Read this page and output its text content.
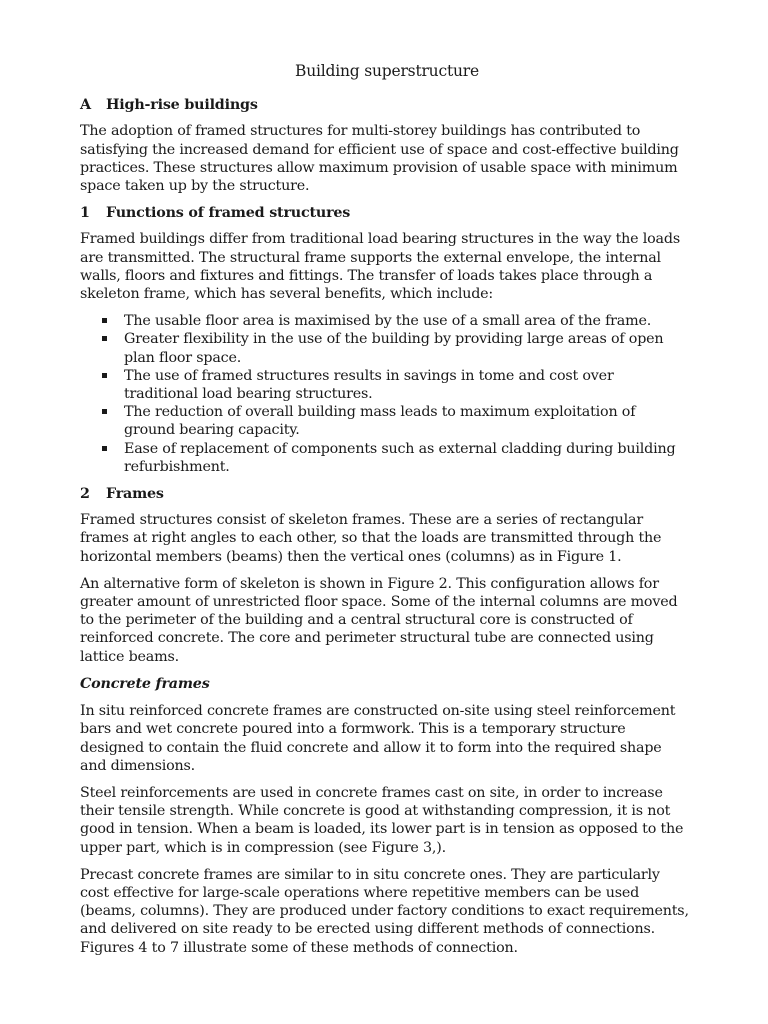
Building superstructure
A	High-rise buildings

The adoption of framed structures for multi-storey buildings has contributed to satisfying the increased demand for efficient use of space and cost-effective building practices. These structures allow maximum provision of usable space with minimum space taken up by the structure.

1	Functions of framed structures

Framed buildings differ from traditional load bearing structures in the way the loads are transmitted. The structural frame supports the external envelope, the internal walls, floors and fixtures and fittings. The transfer of loads takes place through a skeleton frame, which has several benefits, which include:

The usable floor area is maximised by the use of a small area of the frame.
Greater flexibility in the use of the building by providing large areas of open plan floor space.
The use of framed structures results in savings in tome and cost over traditional load bearing structures.
The reduction of overall building mass leads to maximum exploitation of ground bearing capacity.
Ease of replacement of components such as external cladding during building refurbishment.
2	Frames

Framed structures consist of skeleton frames. These are a series of rectangular frames at right angles to each other, so that the loads are transmitted through the horizontal members (beams) then the vertical ones (columns) as in Figure 1.

An alternative form of skeleton is shown in Figure 2. This configuration allows for greater amount of unrestricted floor space. Some of the internal columns are moved to the perimeter of the building and a central structural core is constructed of reinforced concrete. The core and perimeter structural tube are connected using lattice beams.

Concrete frames

In situ reinforced concrete frames are constructed on-site using steel reinforcement bars and wet concrete poured into a formwork. This is a temporary structure designed to contain the fluid concrete and allow it to form into the required shape and dimensions.

Steel reinforcements are used in concrete frames cast on site, in order to increase their tensile strength. While concrete is good at withstanding compression, it is not good in tension. When a beam is loaded, its lower part is in tension as opposed to the upper part, which is in compression (see Figure 3,).

Precast concrete frames are similar to in situ concrete ones. They are particularly cost effective for large-scale operations where repetitive members can be used (beams, columns). They are produced under factory conditions to exact requirements, and delivered on site ready to be erected using different methods of connections. Figures 4 to 7 illustrate some of these methods of connection.
